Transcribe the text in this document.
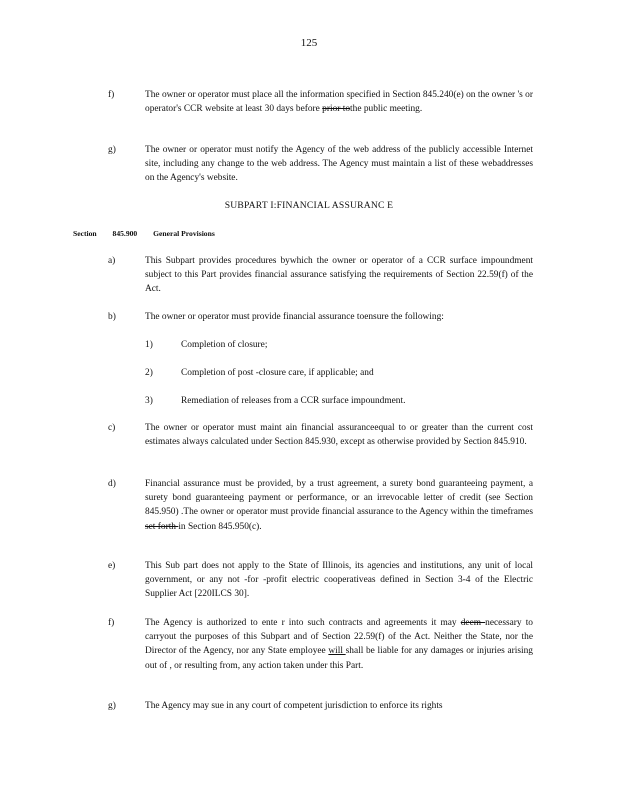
125
f)	The owner or operator must place all the information specified in Section 845.240(e) on the owner 's or operator's CCR website at least 30 days before prior tothe public meeting.
g)	The owner or operator must notify the Agency of the web address of the publicly accessible Internet site, including any change to the web address. The Agency must maintain a list of these webaddresses on the Agency's website.
SUBPART I:FINANCIAL ASSURANC E
Section 845.900 General Provisions
a)	This Subpart provides procedures bywhich the owner or operator of a CCR surface impoundment subject to this Part provides financial assurance satisfying the requirements of Section 22.59(f) of the Act.
b)	The owner or operator must provide financial assurance toensure the following:
1)	Completion of closure;
2)	Completion of post -closure care, if applicable; and
3)	Remediation of releases from a CCR surface impoundment.
c)	The owner or operator must maint ain financial assuranceequal to or greater than the current cost estimates always calculated under Section 845.930, except as otherwise provided by Section 845.910.
d)	Financial assurance must be provided, by a trust agreement, a surety bond guaranteeing payment, a surety bond guaranteeing payment or performance, or an irrevocable letter of credit (see Section 845.950) .The owner or operator must provide financial assurance to the Agency within the timeframes set forth in Section 845.950(c).
e)	This Sub part does not apply to the State of Illinois, its agencies and institutions, any unit of local government, or any not -for -profit electric cooperativeas defined in Section 3-4 of the Electric Supplier Act [220ILCS 30].
f)	The Agency is authorized to ente r into such contracts and agreements it may deem necessary to carryout the purposes of this Subpart and of Section 22.59(f) of the Act. Neither the State, nor the Director of the Agency, nor any State employee will shall be liable for any damages or injuries arising out of , or resulting from, any action taken under this Part.
g)	The Agency may sue in any court of competent jurisdiction to enforce its rights
